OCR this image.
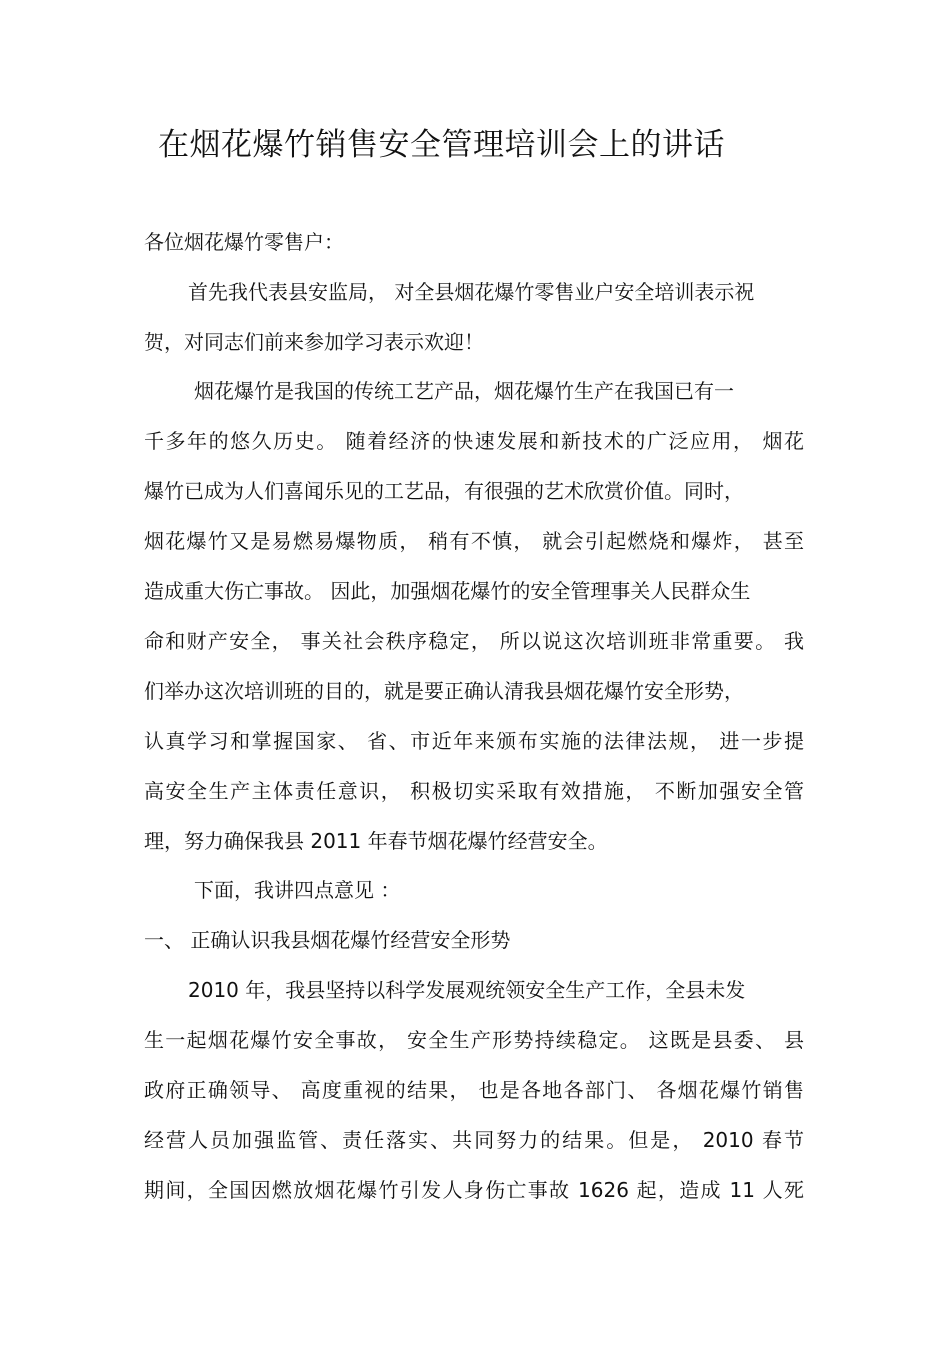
在烟花爆竹销售安全管理培训会上的讲话

各位烟花爆竹零售户：

首先我代表县安监局， 对全县烟花爆竹零售业户安全培训表示祝

贺，对同志们前来参加学习表示欢迎！

烟花爆竹是我国的传统工艺产品，烟花爆竹生产在我国已有一

千多年的悠久历史。 随着经济的快速发展和新技术的广泛应用， 烟花

爆竹已成为人们喜闻乐见的工艺品，有很强的艺术欣赏价值。同时，

烟花爆竹又是易燃易爆物质， 稍有不慎， 就会引起燃烧和爆炸， 甚至

造成重大伤亡事故。 因此，加强烟花爆竹的安全管理事关人民群众生

命和财产安全， 事关社会秩序稳定， 所以说这次培训班非常重要。 我

们举办这次培训班的目的，就是要正确认清我县烟花爆竹安全形势，

认真学习和掌握国家、 省、市近年来颁布实施的法律法规， 进一步提

高安全生产主体责任意识， 积极切实采取有效措施， 不断加强安全管

理，努力确保我县 2011 年春节烟花爆竹经营安全。

下面，我讲四点意见 ：

一、 正确认识我县烟花爆竹经营安全形势

2010 年，我县坚持以科学发展观统领安全生产工作，全县未发

生一起烟花爆竹安全事故， 安全生产形势持续稳定。 这既是县委、 县

政府正确领导、 高度重视的结果， 也是各地各部门、 各烟花爆竹销售

经营人员加强监管、责任落实、共同努力的结果。但是， 2010 春节

期间，全国因燃放烟花爆竹引发人身伤亡事故 1626 起，造成 11 人死
